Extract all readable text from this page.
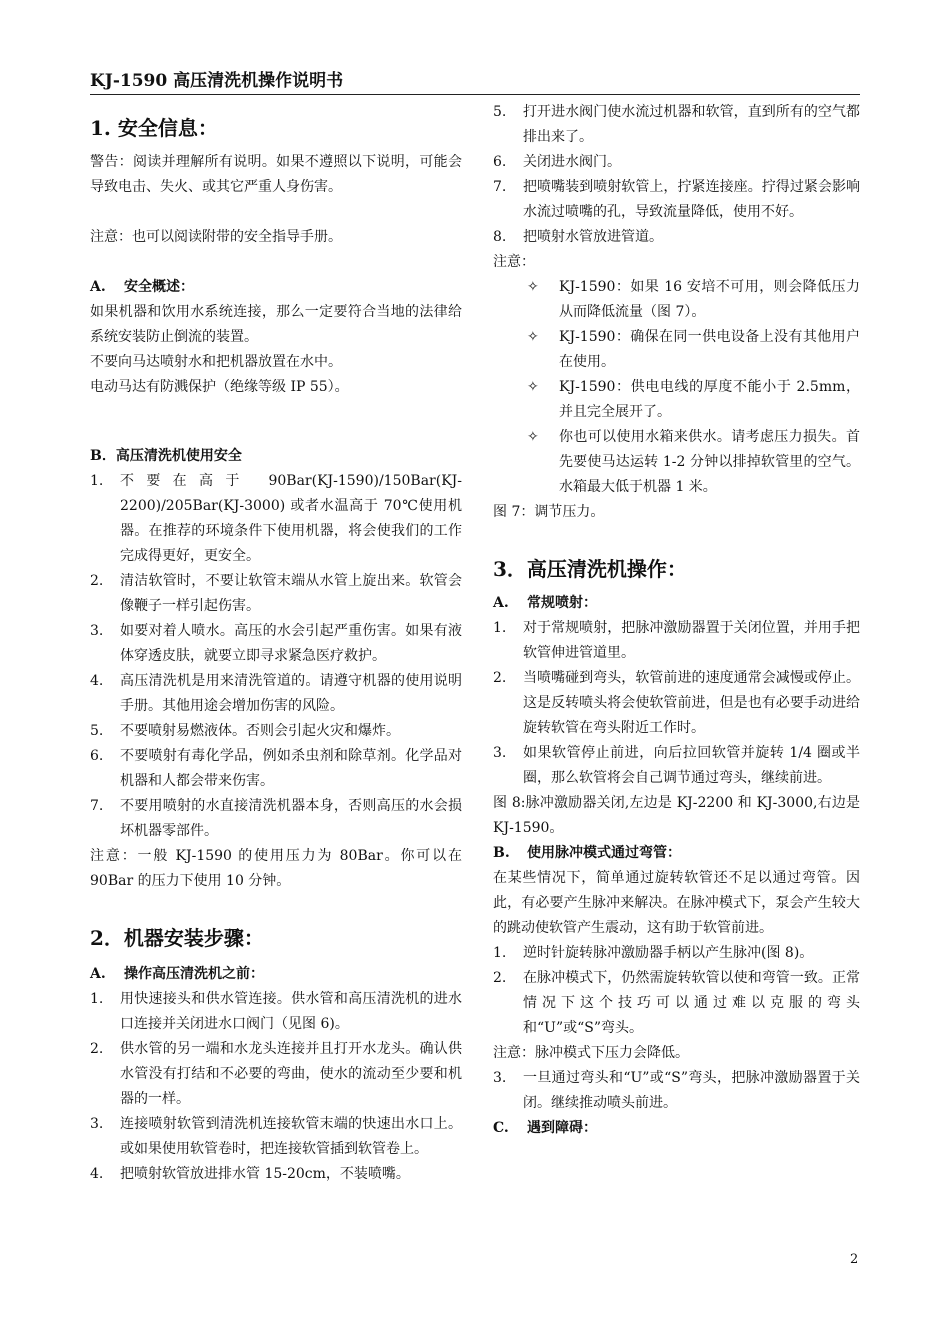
KJ-1590 高压清洗机操作说明书

1. 安全信息：

警告：阅读并理解所有说明。如果不遵照以下说明，可能会导致电击、失火、或其它严重人身伤害。

注意：也可以阅读附带的安全指导手册。

A. 安全概述：

如果机器和饮用水系统连接，那么一定要符合当地的法律给系统安装防止倒流的装置。

不要向马达喷射水和把机器放置在水中。

电动马达有防溅保护（绝缘等级 IP 55）。

B．高压清洗机使用安全

1.	不要在高于 90Bar(KJ-1590)/150Bar(KJ-2200)/205Bar(KJ-3000) 或者水温高于 70℃使用机器。在推荐的环境条件下使用机器，将会使我们的工作完成得更好，更安全。
2.	清洁软管时，不要让软管末端从水管上旋出来。软管会像鞭子一样引起伤害。
3.	如要对着人喷水。高压的水会引起严重伤害。如果有液体穿透皮肤，就要立即寻求紧急医疗救护。
4.	高压清洗机是用来清洗管道的。请遵守机器的使用说明手册。其他用途会增加伤害的风险。
5.	不要喷射易燃液体。否则会引起火灾和爆炸。
6.	不要喷射有毒化学品，例如杀虫剂和除草剂。化学品对机器和人都会带来伤害。
7.	不要用喷射的水直接清洗机器本身，否则高压的水会损坏机器零部件。

注意：一般 KJ-1590 的使用压力为 80Bar。你可以在 90Bar 的压力下使用 10 分钟。

2．机器安装步骤：

A. 操作高压清洗机之前：

1.	用快速接头和供水管连接。供水管和高压清洗机的进水口连接并关闭进水口阀门（见图 6)。
2.	供水管的另一端和水龙头连接并且打开水龙头。确认供水管没有打结和不必要的弯曲，使水的流动至少要和机器的一样。
3.	连接喷射软管到清洗机连接软管末端的快速出水口上。或如果使用软管卷时，把连接软管插到软管卷上。
4.	把喷射软管放进排水管 15-20cm，不装喷嘴。
5.	打开进水阀门使水流过机器和软管，直到所有的空气都排出来了。
6.	关闭进水阀门。
7.	把喷嘴装到喷射软管上，拧紧连接座。拧得过紧会影响水流过喷嘴的孔，导致流量降低，使用不好。
8.	把喷射水管放进管道。

注意：

✧ KJ-1590：如果 16 安培不可用，则会降低压力从而降低流量（图 7）。
✧ KJ-1590：确保在同一供电设备上没有其他用户在使用。
✧ KJ-1590：供电电线的厚度不能小于 2.5mm，并且完全展开了。
✧ 你也可以使用水箱来供水。请考虑压力损失。首先要使马达运转 1-2 分钟以排掉软管里的空气。水箱最大低于机器 1 米。

图 7：调节压力。

3．高压清洗机操作：

A. 常规喷射：

1.	对于常规喷射，把脉冲激励器置于关闭位置，并用手把软管伸进管道里。
2.	当喷嘴碰到弯头，软管前进的速度通常会减慢或停止。这是反转喷头将会使软管前进，但是也有必要手动进给旋转软管在弯头附近工作时。
3.	如果软管停止前进，向后拉回软管并旋转 1/4 圈或半圈，那么软管将会自己调节通过弯头，继续前进。

图 8:脉冲激励器关闭,左边是 KJ-2200 和 KJ-3000,右边是 KJ-1590。

B. 使用脉冲模式通过弯管：

在某些情况下，简单通过旋转软管还不足以通过弯管。因此，有必要产生脉冲来解决。在脉冲模式下，泵会产生较大的跳动使软管产生震动，这有助于软管前进。

1.	逆时针旋转脉冲激励器手柄以产生脉冲(图 8)。
2.	在脉冲模式下，仍然需旋转软管以使和弯管一致。正常情况下这个技巧可以通过难以克服的弯头和“U”或“S”弯头。

注意：脉冲模式下压力会降低。

3.	一旦通过弯头和“U”或“S”弯头，把脉冲激励器置于关闭。继续推动喷头前进。

C. 遇到障碍：

2
